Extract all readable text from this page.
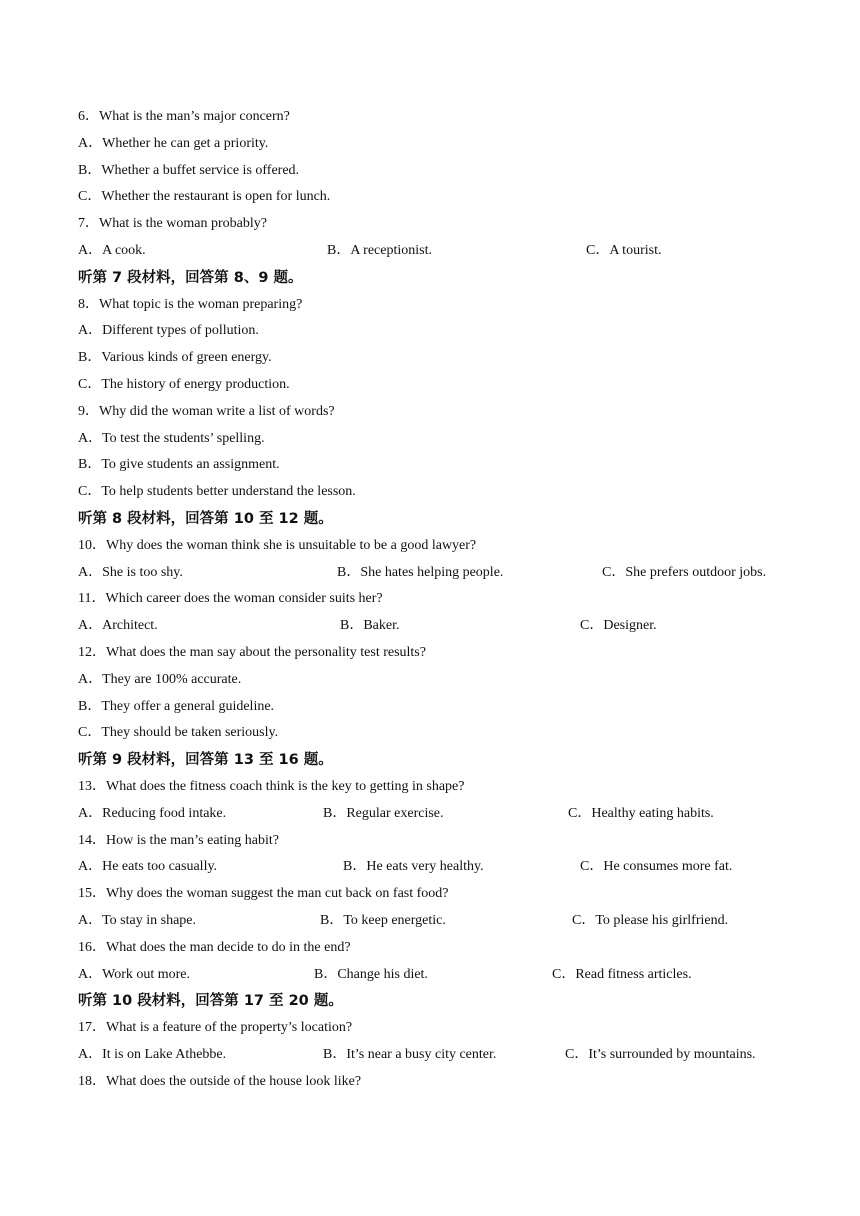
6．What is the man’s major concern?
A．Whether he can get a priority.
B．Whether a buffet service is offered.
C．Whether the restaurant is open for lunch.
7．What is the woman probably?
A．A cook.	B．A receptionist.	C．A tourist.
听第 7 段材料，回答第 8、9 题。
8．What topic is the woman preparing?
A．Different types of pollution.
B．Various kinds of green energy.
C．The history of energy production.
9．Why did the woman write a list of words?
A．To test the students’ spelling.
B．To give students an assignment.
C．To help students better understand the lesson.
听第 8 段材料，回答第 10 至 12 题。
10．Why does the woman think she is unsuitable to be a good lawyer?
A．She is too shy.	B．She hates helping people.	C．She prefers outdoor jobs.
11．Which career does the woman consider suits her?
A．Architect.	B．Baker.	C．Designer.
12．What does the man say about the personality test results?
A．They are 100% accurate.
B．They offer a general guideline.
C．They should be taken seriously.
听第 9 段材料，回答第 13 至 16 题。
13．What does the fitness coach think is the key to getting in shape?
A．Reducing food intake.	B．Regular exercise.	C．Healthy eating habits.
14．How is the man’s eating habit?
A．He eats too casually.	B．He eats very healthy.	C．He consumes more fat.
15．Why does the woman suggest the man cut back on fast food?
A．To stay in shape.	B．To keep energetic.	C．To please his girlfriend.
16．What does the man decide to do in the end?
A．Work out more.	B．Change his diet.	C．Read fitness articles.
听第 10 段材料，回答第 17 至 20 题。
17．What is a feature of the property’s location?
A．It is on Lake Athebbe.	B．It’s near a busy city center.	C．It’s surrounded by mountains.
18．What does the outside of the house look like?
